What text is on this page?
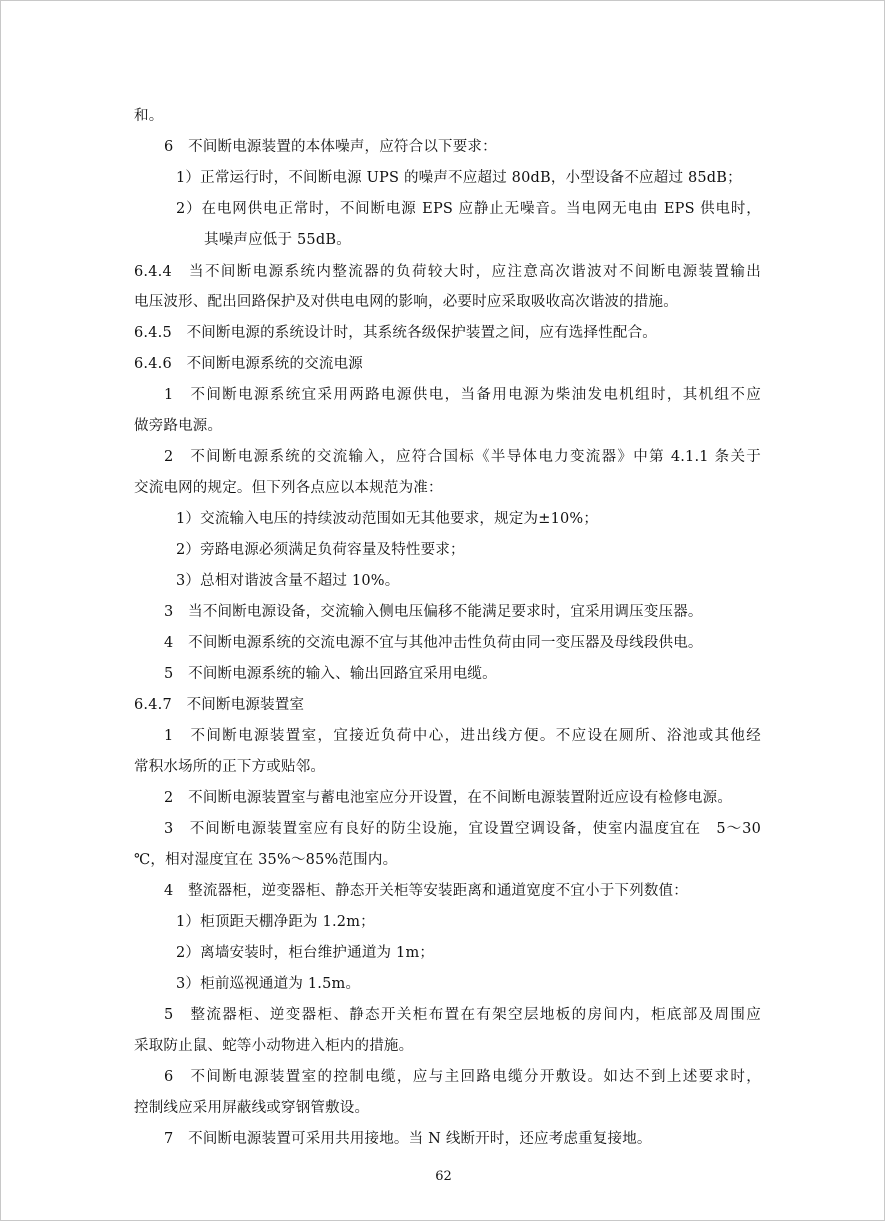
和。
6　不间断电源装置的本体噪声，应符合以下要求：
1）正常运行时，不间断电源 UPS 的噪声不应超过 80dB，小型设备不应超过 85dB；
2）在电网供电正常时，不间断电源 EPS 应静止无噪音。当电网无电由 EPS 供电时，
其噪声应低于 55dB。
6.4.4　当不间断电源系统内整流器的负荷较大时，应注意高次谐波对不间断电源装置输出
电压波形、配出回路保护及对供电电网的影响，必要时应采取吸收高次谐波的措施。
6.4.5　不间断电源的系统设计时，其系统各级保护装置之间，应有选择性配合。
6.4.6　不间断电源系统的交流电源
1　不间断电源系统宜采用两路电源供电，当备用电源为柴油发电机组时，其机组不应
做旁路电源。
2　不间断电源系统的交流输入，应符合国标《半导体电力变流器》中第 4.1.1 条关于
交流电网的规定。但下列各点应以本规范为准：
1）交流输入电压的持续波动范围如无其他要求，规定为±10%；
2）旁路电源必须满足负荷容量及特性要求；
3）总相对谐波含量不超过 10%。
3　当不间断电源设备，交流输入侧电压偏移不能满足要求时，宜采用调压变压器。
4　不间断电源系统的交流电源不宜与其他冲击性负荷由同一变压器及母线段供电。
5　不间断电源系统的输入、输出回路宜采用电缆。
6.4.7　不间断电源装置室
1　不间断电源装置室，宜接近负荷中心，进出线方便。不应设在厕所、浴池或其他经
常积水场所的正下方或贴邻。
2　不间断电源装置室与蓄电池室应分开设置，在不间断电源装置附近应设有检修电源。
3　不间断电源装置室应有良好的防尘设施，宜设置空调设备，使室内温度宜在　5～30
℃，相对湿度宜在 35%～85%范围内。
4　整流器柜，逆变器柜、静态开关柜等安装距离和通道宽度不宜小于下列数值：
1）柜顶距天棚净距为 1.2m；
2）离墙安装时，柜台维护通道为 1m；
3）柜前巡视通道为 1.5m。
5　整流器柜、逆变器柜、静态开关柜布置在有架空层地板的房间内，柜底部及周围应
采取防止鼠、蛇等小动物进入柜内的措施。
6　不间断电源装置室的控制电缆，应与主回路电缆分开敷设。如达不到上述要求时，
控制线应采用屏蔽线或穿钢管敷设。
7　不间断电源装置可采用共用接地。当 N 线断开时，还应考虑重复接地。
62
